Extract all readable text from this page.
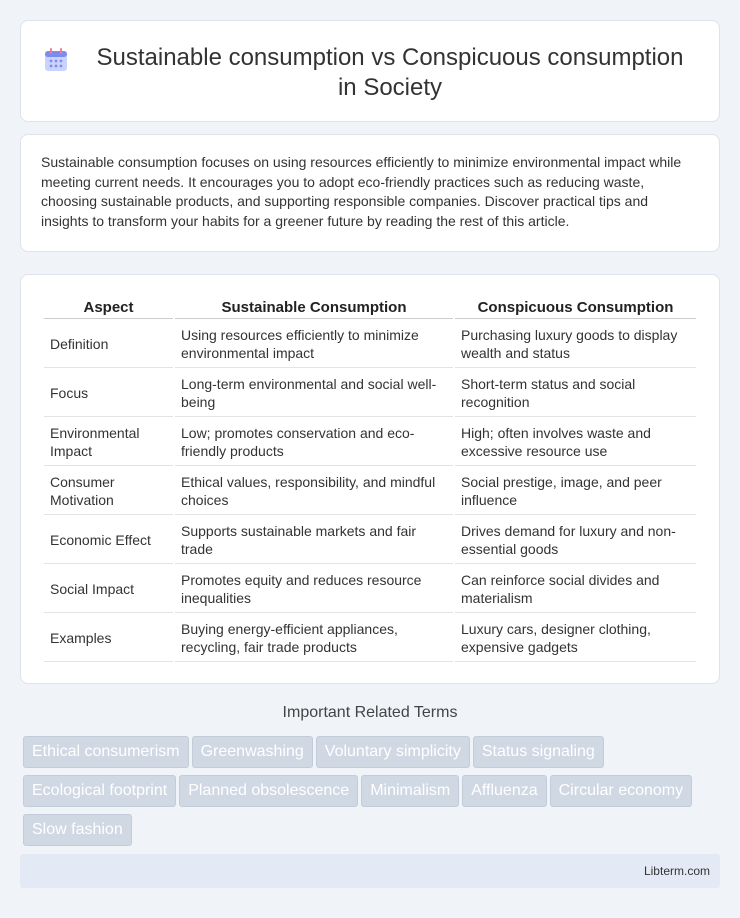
Sustainable consumption vs Conspicuous consumption in Society

Sustainable consumption focuses on using resources efficiently to minimize environmental impact while meeting current needs. It encourages you to adopt eco-friendly practices such as reducing waste, choosing sustainable products, and supporting responsible companies. Discover practical tips and insights to transform your habits for a greener future by reading the rest of this article.

Aspect	Sustainable Consumption	Conspicuous Consumption
Definition	Using resources efficiently to minimize environmental impact	Purchasing luxury goods to display wealth and status
Focus	Long-term environmental and social well-being	Short-term status and social recognition
Environmental Impact	Low; promotes conservation and eco-friendly products	High; often involves waste and excessive resource use
Consumer Motivation	Ethical values, responsibility, and mindful choices	Social prestige, image, and peer influence
Economic Effect	Supports sustainable markets and fair trade	Drives demand for luxury and non-essential goods
Social Impact	Promotes equity and reduces resource inequalities	Can reinforce social divides and materialism
Examples	Buying energy-efficient appliances, recycling, fair trade products	Luxury cars, designer clothing, expensive gadgets
Important Related Terms
Ethical consumerism Greenwashing Voluntary simplicity Status signaling
Ecological footprint Planned obsolescence Minimalism Affluenza Circular economy
Slow fashion
Libterm.com
